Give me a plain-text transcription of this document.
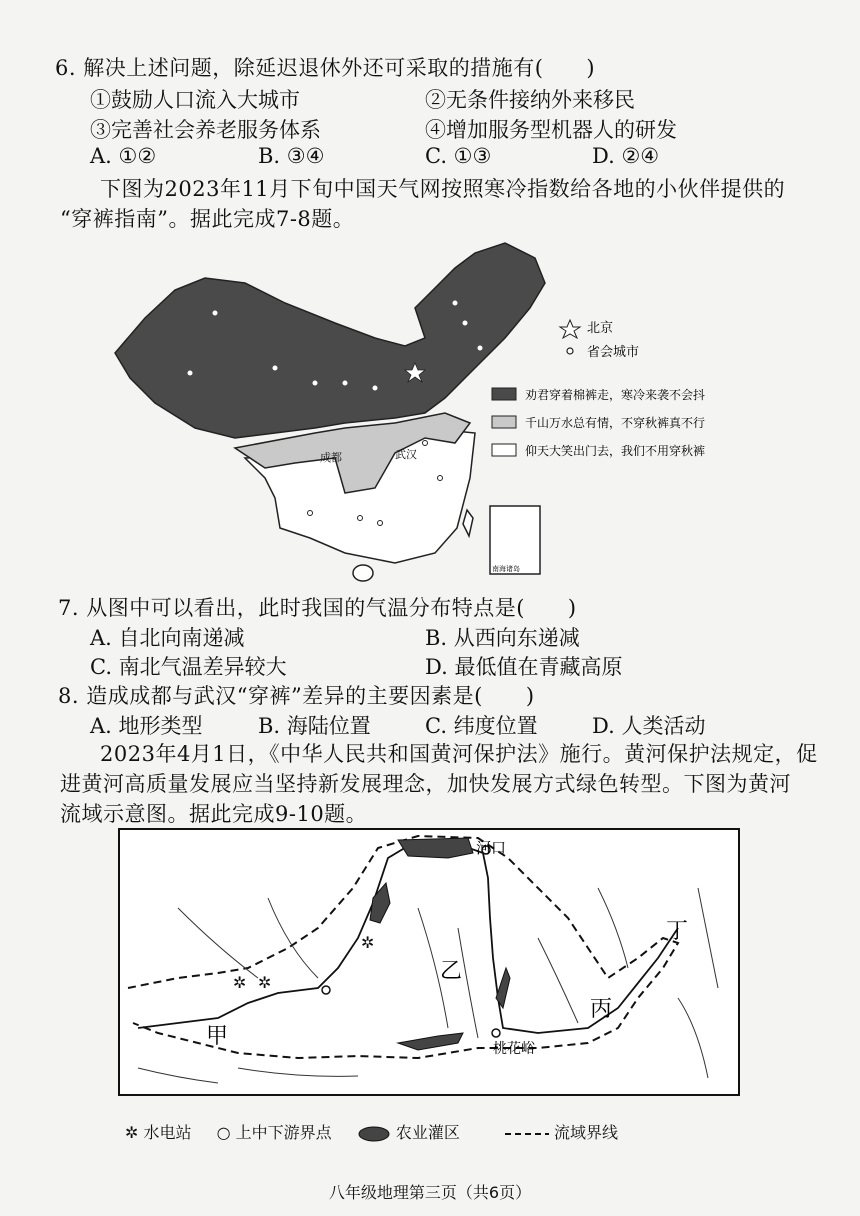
6. 解决上述问题，除延迟退休外还可采取的措施有(　　)
①鼓励人口流入大城市	②无条件接纳外来移民
③完善社会养老服务体系	④增加服务型机器人的研发
A. ①②	B. ③④	C. ①③	D. ②④
下图为2023年11月下旬中国天气网按照寒冷指数给各地的小伙伴提供的
“穿裤指南”。据此完成7-8题。
南海诸岛
成都	武汉
北京
省会城市
劝君穿着棉裤走，寒冷来袭不会抖
千山万水总有情，不穿秋裤真不行
仰天大笑出门去，我们不用穿秋裤
7. 从图中可以看出，此时我国的气温分布特点是(　　)
A. 自北向南递减	B. 从西向东递减
C. 南北气温差异较大	D. 最低值在青藏高原
8. 造成成都与武汉“穿裤”差异的主要因素是(　　)
A. 地形类型	B. 海陆位置	C. 纬度位置	D. 人类活动
2023年4月1日，《中华人民共和国黄河保护法》施行。黄河保护法规定，促
进黄河高质量发展应当坚持新发展理念，加快发展方式绿色转型。下图为黄河
流域示意图。据此完成9-10题。
✲
✲ ✲
河口
乙
丙
丁
甲	桃花峪
✲ 水电站 ○ 上中下游界点	农业灌区	流域界线
八年级地理第三页（共6页）
